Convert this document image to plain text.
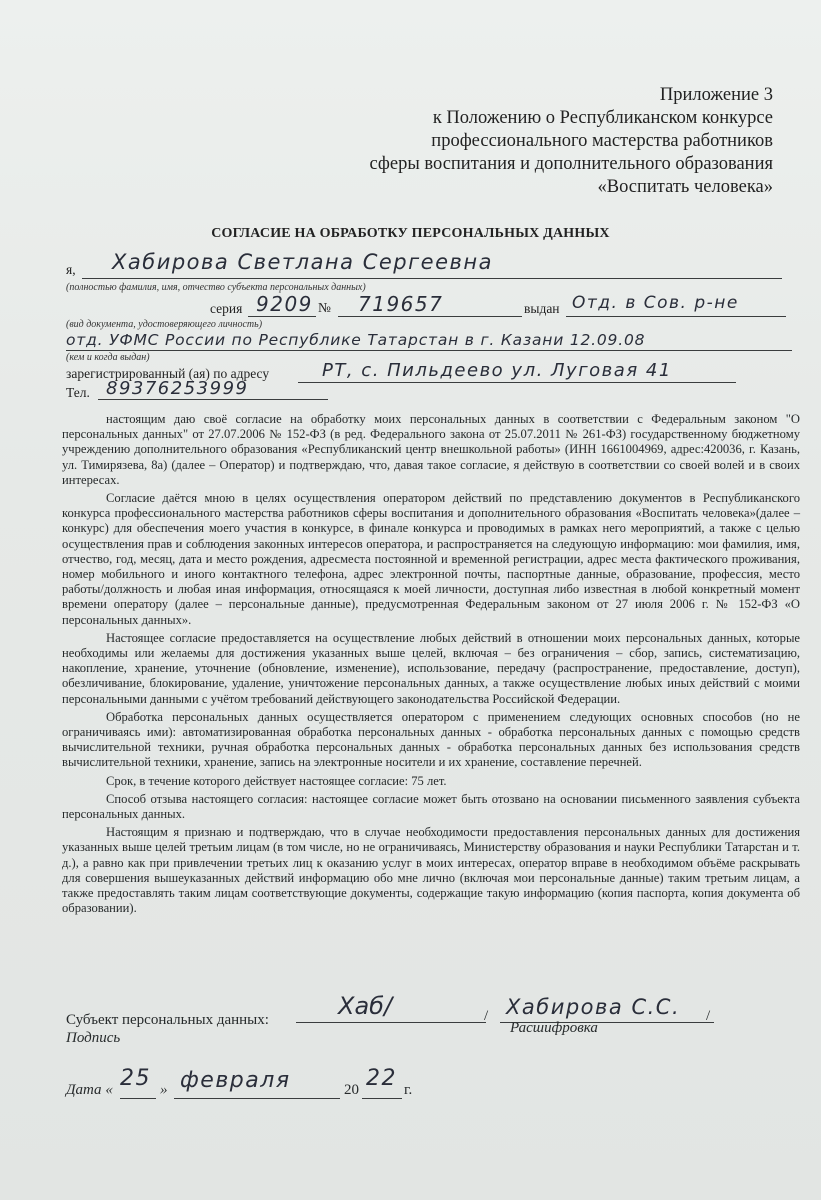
Приложение 3
к Положению о Республиканском конкурсе
профессионального мастерства работников
сферы воспитания и дополнительного образования
«Воспитать человека»
СОГЛАСИЕ НА ОБРАБОТКУ ПЕРСОНАЛЬНЫХ ДАННЫХ
я, Хабирова Светлана Сергеевна
(полностью фамилия, имя, отчество субъекта персональных данных)
серия 9209 № 719657	выдан Отд. в Сов. р-не
(вид документа, удостоверяющего личность)
отд. УФМС России по Республике Татарстан в г. Казани 12.09.08
(кем и когда выдан)
зарегистрированный (ая) по адресу	РТ, с. Пильдеево ул. Луговая 41
Тел. 89376253999

настоящим даю своё согласие на обработку моих персональных данных в соответствии с Федеральным законом "О персональных данных" от 27.07.2006 № 152-ФЗ (в ред. Федерального закона от 25.07.2011 № 261-ФЗ) государственному бюджетному учреждению дополнительного образования «Республиканский центр внешкольной работы» (ИНН 1661004969, адрес:420036, г. Казань, ул. Тимирязева, 8а) (далее – Оператор) и подтверждаю, что, давая такое согласие, я действую в соответствии со своей волей и в своих интересах.

Согласие даётся мною в целях осуществления оператором действий по представлению документов в Республиканского конкурса профессионального мастерства работников сферы воспитания и дополнительного образования «Воспитать человека»(далее – конкурс) для обеспечения моего участия в конкурсе, в финале конкурса и проводимых в рамках него мероприятий, а также с целью осуществления прав и соблюдения законных интересов оператора, и распространяется на следующую информацию: мои фамилия, имя, отчество, год, месяц, дата и место рождения, адресместа постоянной и временной регистрации, адрес места фактического проживания, номер мобильного и иного контактного телефона, адрес электронной почты, паспортные данные, образование, профессия, место работы/должность и любая иная информация, относящаяся к моей личности, доступная либо известная в любой конкретный момент времени оператору (далее – персональные данные), предусмотренная Федеральным законом от 27 июля 2006 г. № 152-ФЗ «О персональных данных».

Настоящее согласие предоставляется на осуществление любых действий в отношении моих персональных данных, которые необходимы или желаемы для достижения указанных выше целей, включая – без ограничения – сбор, запись, систематизацию, накопление, хранение, уточнение (обновление, изменение), использование, передачу (распространение, предоставление, доступ), обезличивание, блокирование, удаление, уничтожение персональных данных, а также осуществление любых иных действий с моими персональными данными с учётом требований действующего законодательства Российской Федерации.

Обработка персональных данных осуществляется оператором с применением следующих основных способов (но не ограничиваясь ими): автоматизированная обработка персональных данных - обработка персональных данных с помощью средств вычислительной техники, ручная обработка персональных данных - обработка персональных данных без использования средств вычислительной техники, хранение, запись на электронные носители и их хранение, составление перечней.

Срок, в течение которого действует настоящее согласие: 75 лет.

Способ отзыва настоящего согласия: настоящее согласие может быть отозвано на основании письменного заявления субъекта персональных данных.

Настоящим я признаю и подтверждаю, что в случае необходимости предоставления персональных данных для достижения указанных выше целей третьим лицам (в том числе, но не ограничиваясь, Министерству образования и науки Республики Татарстан и т. д.), а равно как при привлечении третьих лиц к оказанию услуг в моих интересах, оператор вправе в необходимом объёме раскрывать для совершения вышеуказанных действий информацию обо мне лично (включая мои персональные данные) таким третьим лицам, а также предоставлять таким лицам соответствующие документы, содержащие такую информацию (копия паспорта, копия документа об образовании).

Субъект персональных данных:	Хаб/	/ Хабирова С.С. /
Подпись
Расшифровка
Дата « 25 » февраля	20 22 г.
